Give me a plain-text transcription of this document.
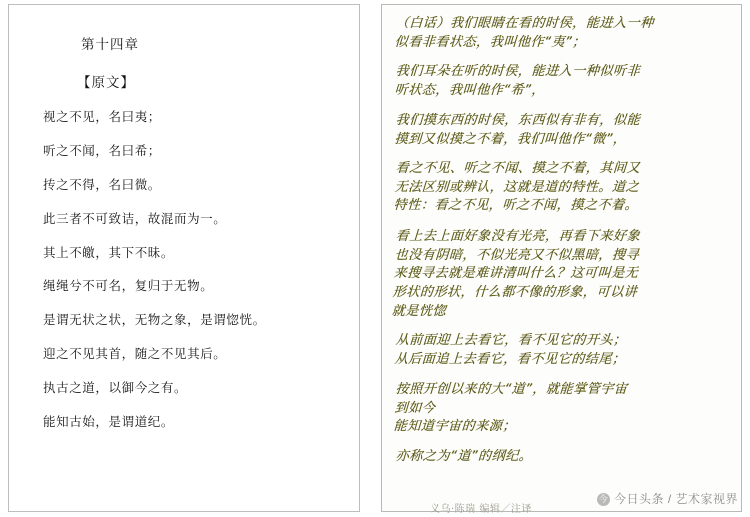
第十四章
【原文】
视之不见，名曰夷；
听之不闻，名曰希；
抟之不得，名曰微。
此三者不可致诘，故混而为一。
其上不皦，其下不昧。
绳绳兮不可名，复归于无物。
是谓无状之状，无物之象，是谓惚恍。
迎之不见其首，随之不见其后。
执古之道，以御今之有。
能知古始，是谓道纪。
（白话）我们眼睛在看的时侯，能进入一种
似看非看状态，我叫他作“夷”；
我们耳朵在听的时侯，能进入一种似听非
听状态，我叫他作“希”，
我们摸东西的时侯，东西似有非有，似能
摸到又似摸之不着，我们叫他作“微”，
看之不见、听之不闻、摸之不着，其间又
无法区别或辨认，这就是道的特性。道之
特性：看之不见，听之不闻，摸之不着。
看上去上面好象没有光亮，再看下来好象
也没有阴暗，不似光亮又不似黑暗，搜寻
来搜寻去就是难讲清叫什么？这可叫是无
形状的形状，什么都不像的形象，可以讲
就是恍惚
从前面迎上去看它，看不见它的开头；
从后面追上去看它，看不见它的结尾；
按照开创以来的大“道”，就能掌管宇宙
到如今
能知道宇宙的来源；
亦称之为“道”的纲纪。
义乌·陈瑞 编辑／注译
今 今日头条 / 艺术家视界
